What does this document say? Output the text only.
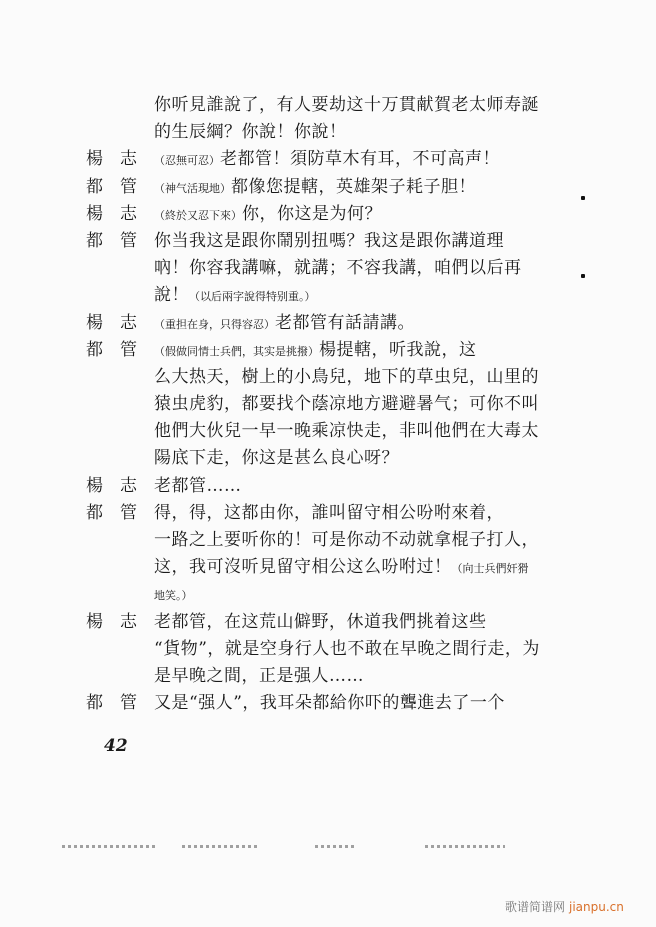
你听見誰說了，有人要劫这十万貫献賀老太师寿誕
的生辰綱？你說！你說！
楊 志 （忍無可忍）老都管！須防草木有耳，不可高声！
都 管 （神气活現地）都像您提轄，英雄架子耗子胆！
楊 志 （終於又忍下來）你，你这是为何？
都 管 你当我这是跟你鬧别扭嗎？我这是跟你講道理
吶！你容我講嘛，就講；不容我講，咱們以后再
說！（以后兩字說得特别重。）
楊 志 （重担在身，只得容忍）老都管有話請講。
都 管 （假做同情士兵們，其实是挑撥）楊提轄，听我說，这
么大热天，樹上的小鳥兒，地下的草虫兒，山里的
猿虫虎豹，都要找个蔭凉地方避避暑气；可你不叫
他們大伙兒一早一晚乘凉快走，非叫他們在大毒太
陽底下走，你这是甚么良心呀？
楊 志 老都管……
都 管 得，得，这都由你，誰叫留守相公吩咐來着，
一路之上要听你的！可是你动不动就拿棍子打人，
这，我可沒听見留守相公这么吩咐过！（向士兵們奸猾
地笑。）
楊 志 老都管，在这荒山僻野，休道我們挑着这些
“貨物”，就是空身行人也不敢在早晚之間行走，为
是早晚之間，正是强人……
都 管 又是“强人”，我耳朵都給你吓的聾進去了一个
42
歌谱简谱网 jianpu.cn
